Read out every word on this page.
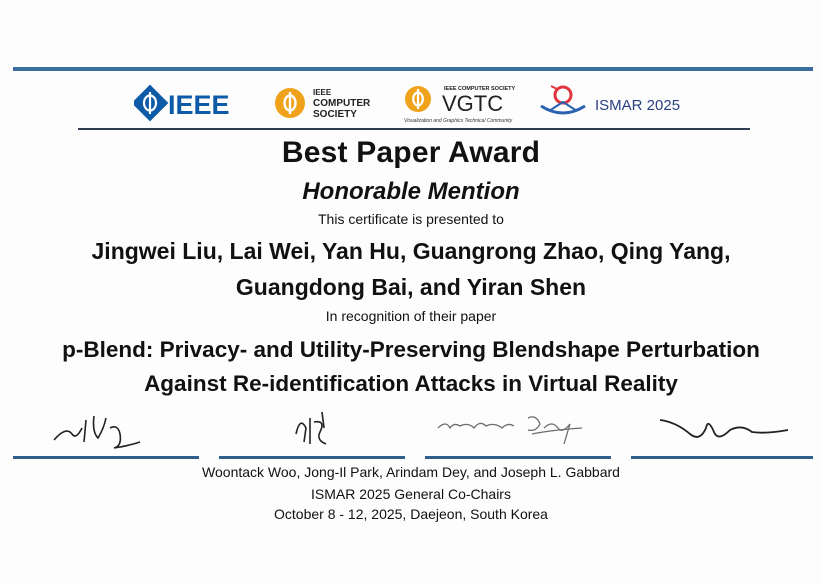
IEEE	IEEE
COMPUTER
SOCIETY
IEEE COMPUTER SOCIETY
VGTC
Visualization and Graphics Technical Community
ISMAR 2025
Best Paper Award
Honorable Mention
This certificate is presented to
Jingwei Liu, Lai Wei, Yan Hu, Guangrong Zhao, Qing Yang,
Guangdong Bai, and Yiran Shen
In recognition of their paper
p-Blend: Privacy- and Utility-Preserving Blendshape Perturbation
Against Re-identification Attacks in Virtual Reality
Woontack Woo, Jong-Il Park, Arindam Dey, and Joseph L. Gabbard
ISMAR 2025 General Co-Chairs
October 8 - 12, 2025, Daejeon, South Korea
